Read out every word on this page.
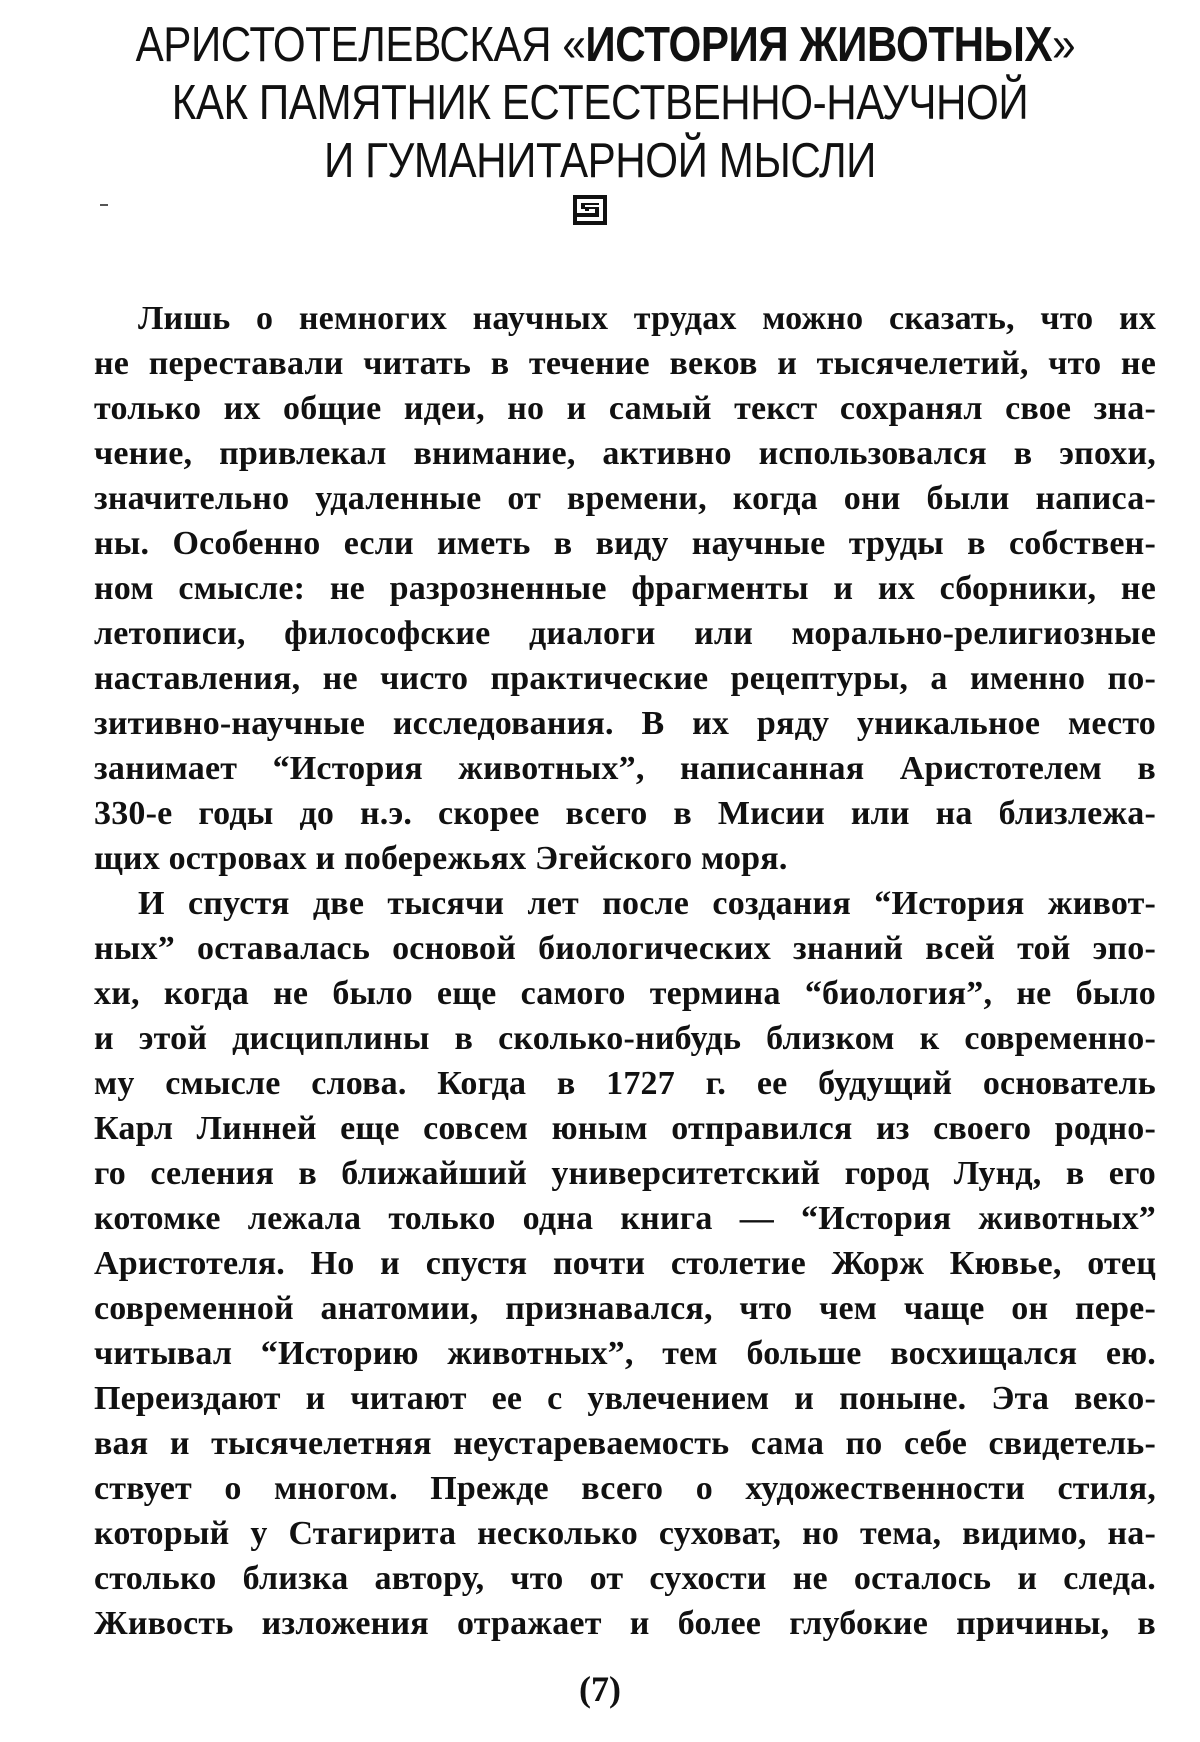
АРИСТОТЕЛЕВСКАЯ «ИСТОРИЯ ЖИВОТНЫХ»
КАК ПАМЯТНИК ЕСТЕСТВЕННО-НАУЧНОЙ
И ГУМАНИТАРНОЙ МЫСЛИ

Лишь о немногих научных трудах можно сказать, что их
не переставали читать в течение веков и тысячелетий, что не
только их общие идеи, но и самый текст сохранял свое зна-
чение, привлекал внимание, активно использовался в эпохи,
значительно удаленные от времени, когда они были написа-
ны. Особенно если иметь в виду научные труды в собствен-
ном смысле: не разрозненные фрагменты и их сборники, не
летописи, философские диалоги или морально-религиозные
наставления, не чисто практические рецептуры, а именно по-
зитивно-научные исследования. В их ряду уникальное место
занимает “История животных”, написанная Аристотелем в
330-е годы до н.э. скорее всего в Мисии или на близлежа-
щих островах и побережьях Эгейского моря.

И спустя две тысячи лет после создания “История живот-
ных” оставалась основой биологических знаний всей той эпо-
хи, когда не было еще самого термина “биология”, не было
и этой дисциплины в сколько-нибудь близком к современно-
му смысле слова. Когда в 1727 г. ее будущий основатель
Карл Линней еще совсем юным отправился из своего родно-
го селения в ближайший университетский город Лунд, в его
котомке лежала только одна книга — “История животных”
Аристотеля. Но и спустя почти столетие Жорж Кювье, отец
современной анатомии, признавался, что чем чаще он пере-
читывал “Историю животных”, тем больше восхищался ею.
Переиздают и читают ее с увлечением и поныне. Эта веко-
вая и тысячелетняя неустареваемость сама по себе свидетель-
ствует о многом. Прежде всего о художественности стиля,
который у Стагирита несколько суховат, но тема, видимо, на-
столько близка автору, что от сухости не осталось и следа.
Живость изложения отражает и более глубокие причины, в

(7)
